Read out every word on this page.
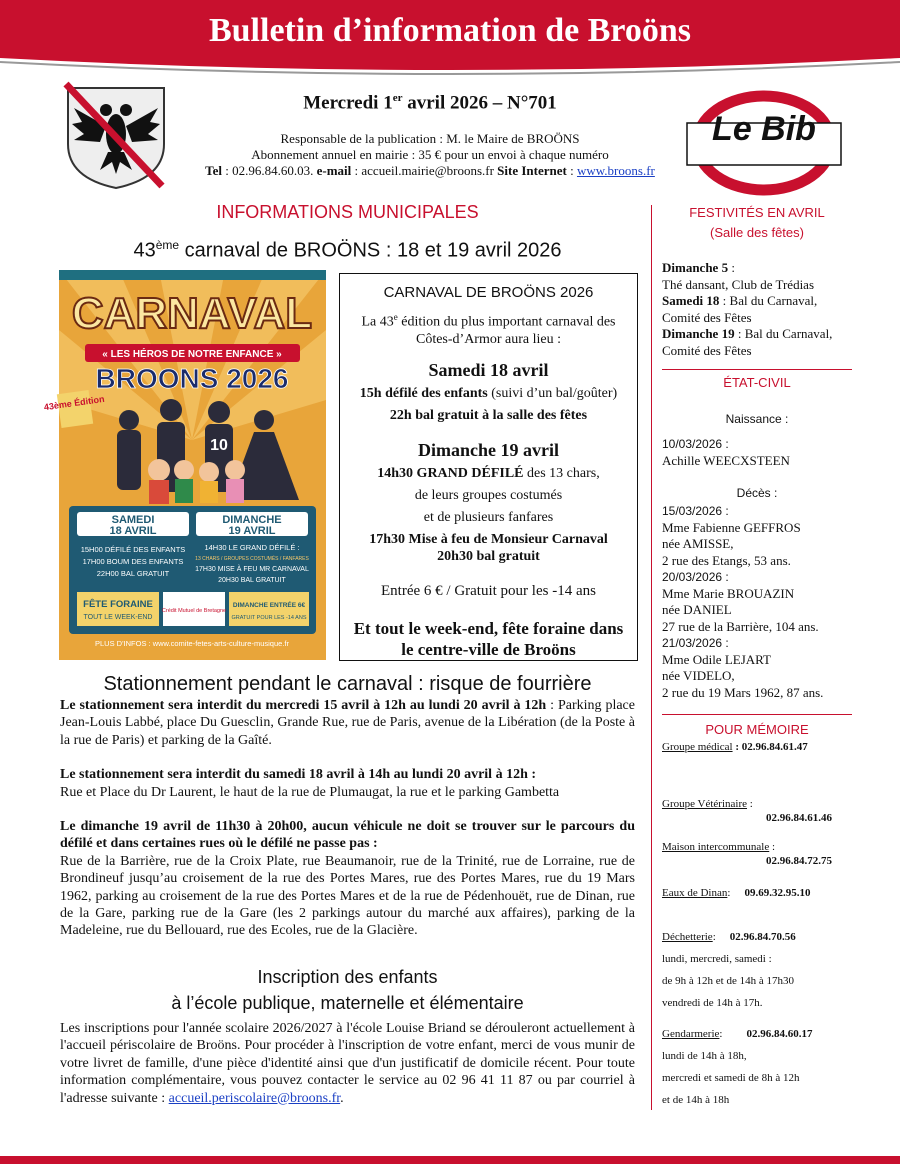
Bulletin d’information de Broöns
Mercredi 1er avril 2026 – N°701
Responsable de la publication : M. le Maire de BROÖNS
Abonnement annuel en mairie : 35 € pour un envoi à chaque numéro
Tel : 02.96.84.60.03. e-mail : accueil.mairie@broons.fr Site Internet : www.broons.fr
Le Bib
INFORMATIONS MUNICIPALES
43ème carnaval de BROÖNS : 18 et 19 avril 2026
CARNAVAL
« LES HÉROS DE NOTRE ENFANCE »
BROONS 2026
43ème Édition
10
SAMEDI
18 AVRIL
DIMANCHE
19 AVRIL
15H00 DÉFILÉ DES ENFANTS
17H00 BOUM DES ENFANTS
22H00 BAL GRATUIT
14H30 LE GRAND DÉFILÉ :
13 CHARS / GROUPES COSTUMÉS / FANFARES
17H30 MISE À FEU MR CARNAVAL
20H30 BAL GRATUIT
FÊTE FORAINE
TOUT LE WEEK-END
Crédit Mutuel de Bretagne
DIMANCHE ENTRÉE 6€
GRATUIT POUR LES -14 ANS
PLUS D'INFOS : www.comite-fetes-arts-culture-musique.fr
CARNAVAL DE BROÖNS 2026
La 43e édition du plus important carnaval des Côtes-d’Armor aura lieu :
Samedi 18 avril
15h défilé des enfants (suivi d’un bal/goûter)
22h bal gratuit à la salle des fêtes
Dimanche 19 avril
14h30 GRAND DÉFILÉ des 13 chars,
de leurs groupes costumés
et de plusieurs fanfares
17h30 Mise à feu de Monsieur Carnaval
20h30 bal gratuit
Entrée 6 € / Gratuit pour les -14 ans
Et tout le week-end, fête foraine dans le centre-ville de Broöns
Stationnement pendant le carnaval : risque de fourrière

Le stationnement sera interdit du mercredi 15 avril à 12h au lundi 20 avril à 12h : Parking place Jean-Louis Labbé, place Du Guesclin, Grande Rue, rue de Paris, avenue de la Libération (de la Poste à la rue de Paris) et parking de la Gaîté.

Le stationnement sera interdit du samedi 18 avril à 14h au lundi 20 avril à 12h :
Rue et Place du Dr Laurent, le haut de la rue de Plumaugat, la rue et le parking Gambetta

Le dimanche 19 avril de 11h30 à 20h00, aucun véhicule ne doit se trouver sur le parcours du défilé et dans certaines rues où le défilé ne passe pas :
Rue de la Barrière, rue de la Croix Plate, rue Beaumanoir, rue de la Trinité, rue de Lorraine, rue de Brondineuf jusqu’au croisement de la rue des Portes Mares, rue des Portes Mares, rue du 19 Mars 1962, parking au croisement de la rue des Portes Mares et de la rue de Pédenhouët, rue de Dinan, rue de la Gare, parking rue de la Gare (les 2 parkings autour du marché aux affaires), parking de la Madeleine, rue du Bellouard, rue des Ecoles, rue de la Glacière.

Inscription des enfants
à l’école publique, maternelle et élémentaire
Les inscriptions pour l'année scolaire 2026/2027 à l'école Louise Briand se dérouleront actuellement à l'accueil périscolaire de Broöns. Pour procéder à l'inscription de votre enfant, merci de vous munir de votre livret de famille, d'une pièce d'identité ainsi que d'un justificatif de domicile récent. Pour toute information complémentaire, vous pouvez contacter le service au 02 96 41 11 87 ou par courriel à l'adresse suivante : accueil.periscolaire@broons.fr.
FESTIVITÉS EN AVRIL
(Salle des fêtes)
Dimanche 5 :
Thé dansant, Club de Trédias
Samedi 18 : Bal du Carnaval, Comité des Fêtes
Dimanche 19 : Bal du Carnaval, Comité des Fêtes
ÉTAT-CIVIL
Naissance :
10/03/2026 :
Achille WEECXSTEEN
Décès :
15/03/2026 :
Mme Fabienne GEFFROS
née AMISSE,
2 rue des Etangs, 53 ans.
20/03/2026 :
Mme Marie BROUAZIN
née DANIEL
27 rue de la Barrière, 104 ans.
21/03/2026 :
Mme Odile LEJART
née VIDELO,
2 rue du 19 Mars 1962, 87 ans.
POUR MÉMOIRE
Groupe médical : 02.96.84.61.47
Groupe Vétérinaire :
02.96.84.61.46
Maison intercommunale :
02.96.84.72.75
Eaux de Dinan: 09.69.32.95.10
Déchetterie: 02.96.84.70.56
lundi, mercredi, samedi :
de 9h à 12h et de 14h à 17h30
vendredi de 14h à 17h.
Gendarmerie: 02.96.84.60.17
lundi de 14h à 18h,
mercredi et samedi de 8h à 12h
et de 14h à 18h
